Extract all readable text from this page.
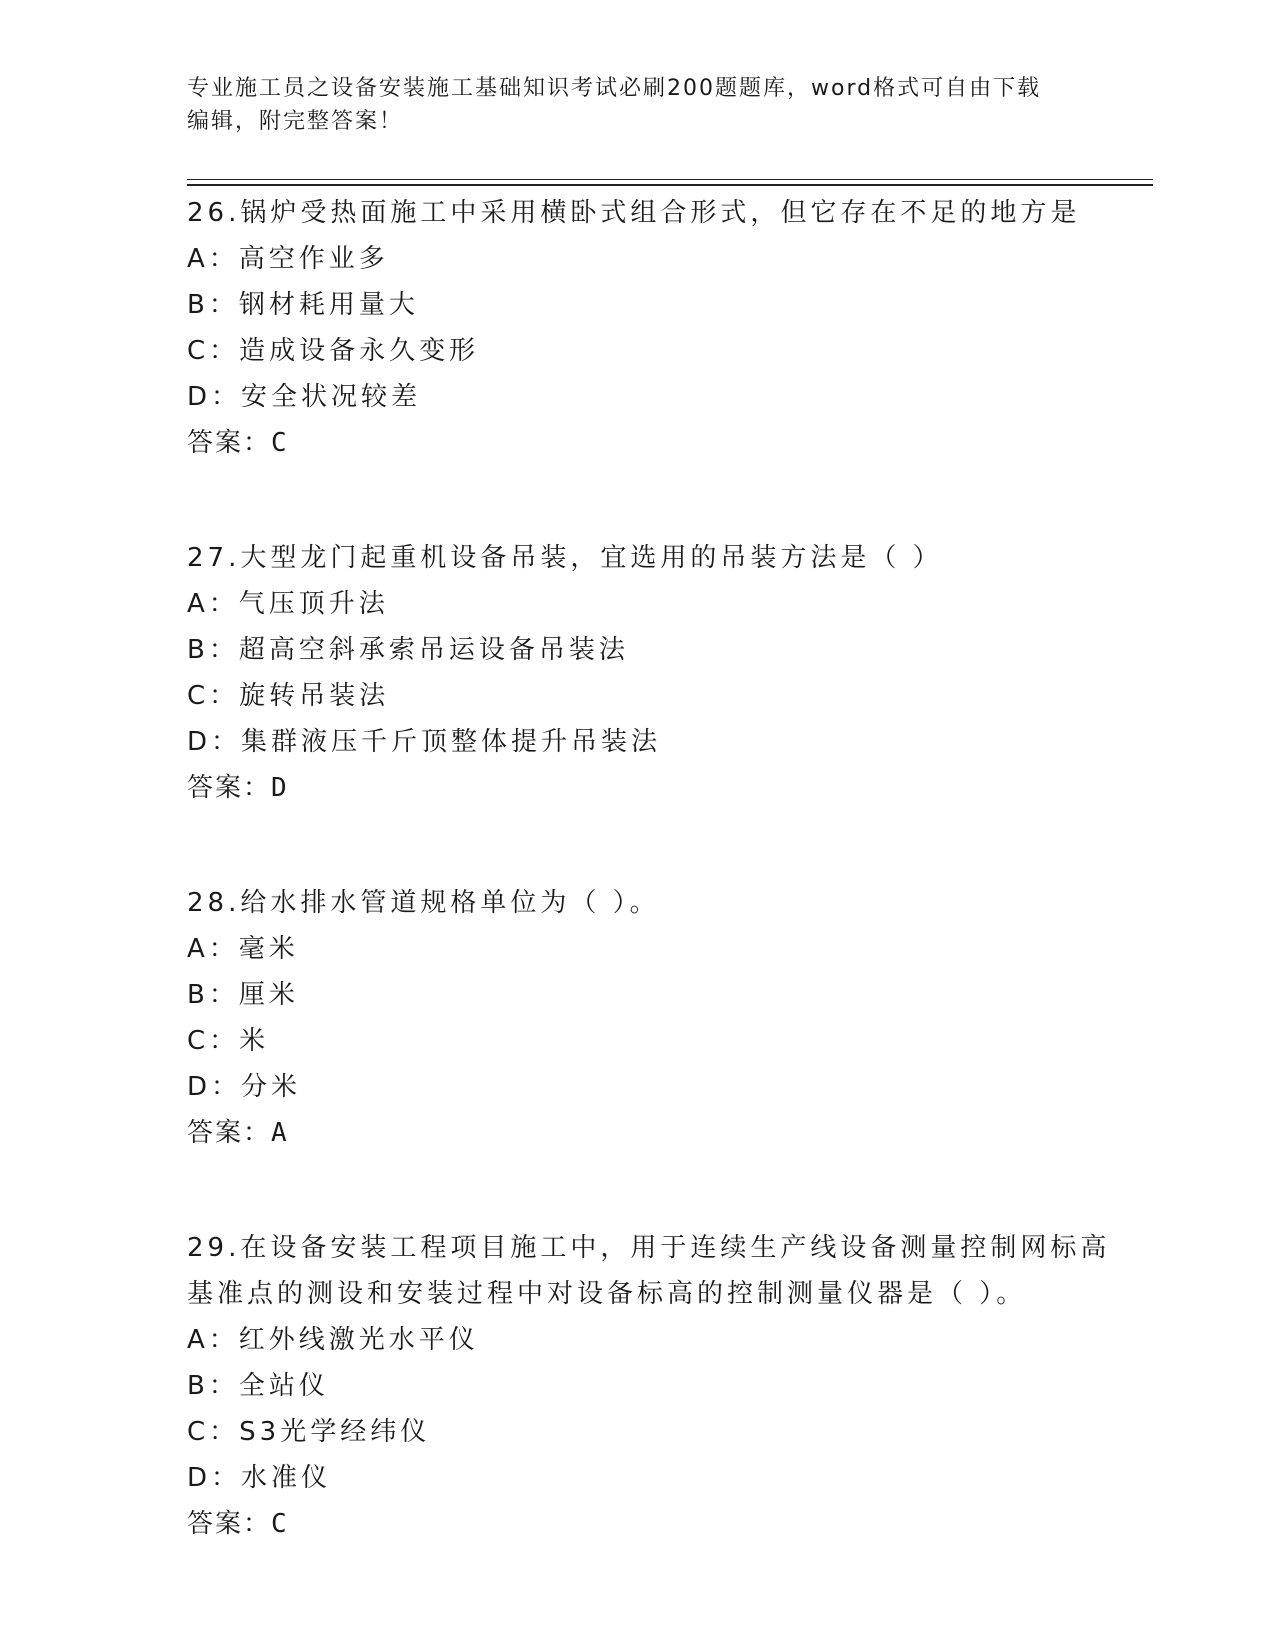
专业施工员之设备安装施工基础知识考试必刷200题题库，word格式可自由下载
编辑，附完整答案！
26.锅炉受热面施工中采用横卧式组合形式，但它存在不足的地方是
A：高空作业多
B：钢材耗用量大
C：造成设备永久变形
D：安全状况较差
答案：C
27.大型龙门起重机设备吊装，宜选用的吊装方法是（ ）
A：气压顶升法
B：超高空斜承索吊运设备吊装法
C：旋转吊装法
D：集群液压千斤顶整体提升吊装法
答案：D
28.给水排水管道规格单位为（ ）。
A：毫米
B：厘米
C：米
D：分米
答案：A
29.在设备安装工程项目施工中，用于连续生产线设备测量控制网标高
基准点的测设和安装过程中对设备标高的控制测量仪器是（ ）。
A：红外线激光水平仪
B：全站仪
C：S3光学经纬仪
D：水准仪
答案：C
